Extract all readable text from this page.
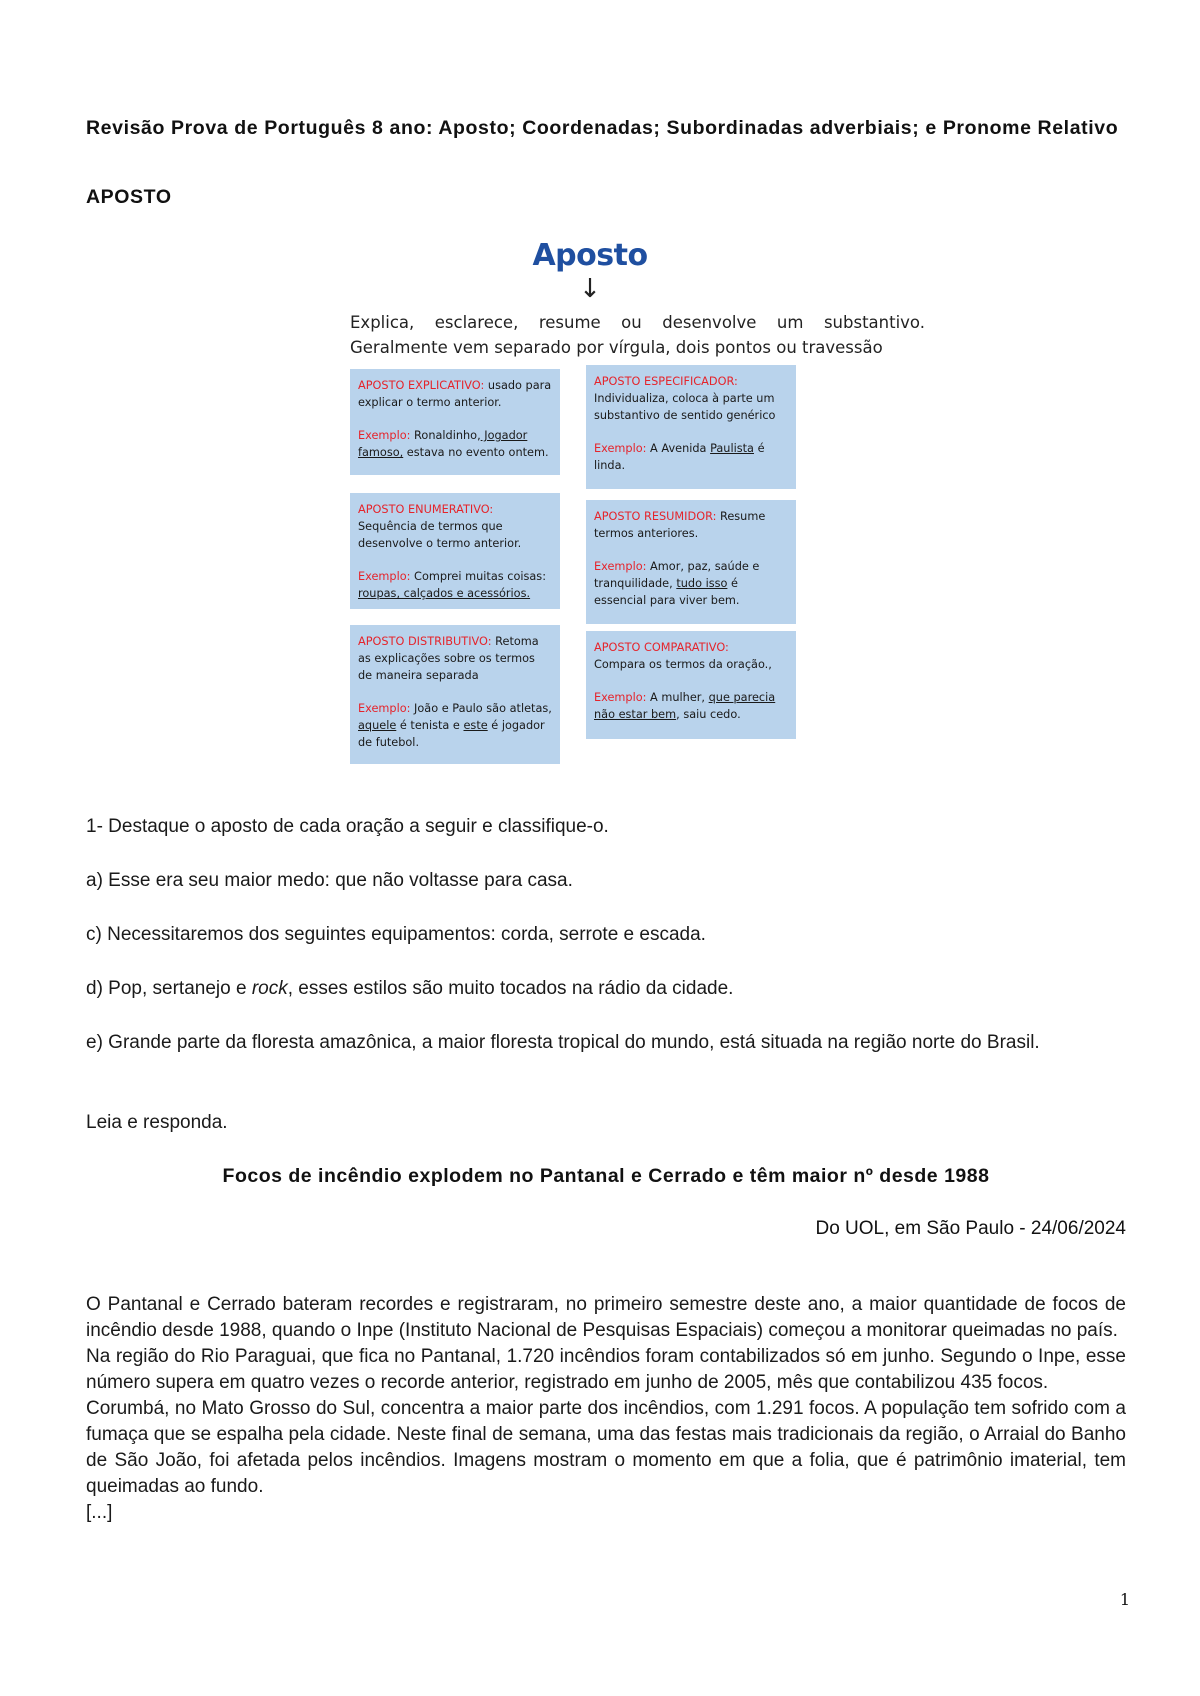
Revisão Prova de Português 8 ano: Aposto; Coordenadas; Subordinadas adverbiais; e Pronome Relativo
APOSTO
Aposto
↓
Explica, esclarece, resume ou desenvolve um substantivo.
Geralmente vem separado por vírgula, dois pontos ou travessão

APOSTO EXPLICATIVO: usado para explicar o termo anterior.

Exemplo: Ronaldinho, Jogador famoso, estava no evento ontem.

APOSTO ESPECIFICADOR: Individualiza, coloca à parte um substantivo de sentido genérico

Exemplo: A Avenida Paulista é linda.

APOSTO ENUMERATIVO: Sequência de termos que desenvolve o termo anterior.

Exemplo: Comprei muitas coisas: roupas, calçados e acessórios.

APOSTO RESUMIDOR: Resume termos anteriores.

Exemplo: Amor, paz, saúde e tranquilidade, tudo isso é essencial para viver bem.

APOSTO DISTRIBUTIVO: Retoma as explicações sobre os termos de maneira separada

Exemplo: João e Paulo são atletas, aquele é tenista e este é jogador de futebol.

APOSTO COMPARATIVO:
Compara os termos da oração.,

Exemplo: A mulher, que parecia não estar bem, saiu cedo.

1- Destaque o aposto de cada oração a seguir e classifique-o.
a) Esse era seu maior medo: que não voltasse para casa.
c) Necessitaremos dos seguintes equipamentos: corda, serrote e escada.
d) Pop, sertanejo e rock, esses estilos são muito tocados na rádio da cidade.
e) Grande parte da floresta amazônica, a maior floresta tropical do mundo, está situada na região norte do Brasil.
Leia e responda.
Focos de incêndio explodem no Pantanal e Cerrado e têm maior nº desde 1988
Do UOL, em São Paulo - 24/06/2024

O Pantanal e Cerrado bateram recordes e registraram, no primeiro semestre deste ano, a maior quantidade de focos de incêndio desde 1988, quando o Inpe (Instituto Nacional de Pesquisas Espaciais) começou a monitorar queimadas no país.

Na região do Rio Paraguai, que fica no Pantanal, 1.720 incêndios foram contabilizados só em junho. Segundo o Inpe, esse número supera em quatro vezes o recorde anterior, registrado em junho de 2005, mês que contabilizou 435 focos.

Corumbá, no Mato Grosso do Sul, concentra a maior parte dos incêndios, com 1.291 focos. A população tem sofrido com a fumaça que se espalha pela cidade. Neste final de semana, uma das festas mais tradicionais da região, o Arraial do Banho de São João, foi afetada pelos incêndios. Imagens mostram o momento em que a folia, que é patrimônio imaterial, tem queimadas ao fundo.

[...]

1
